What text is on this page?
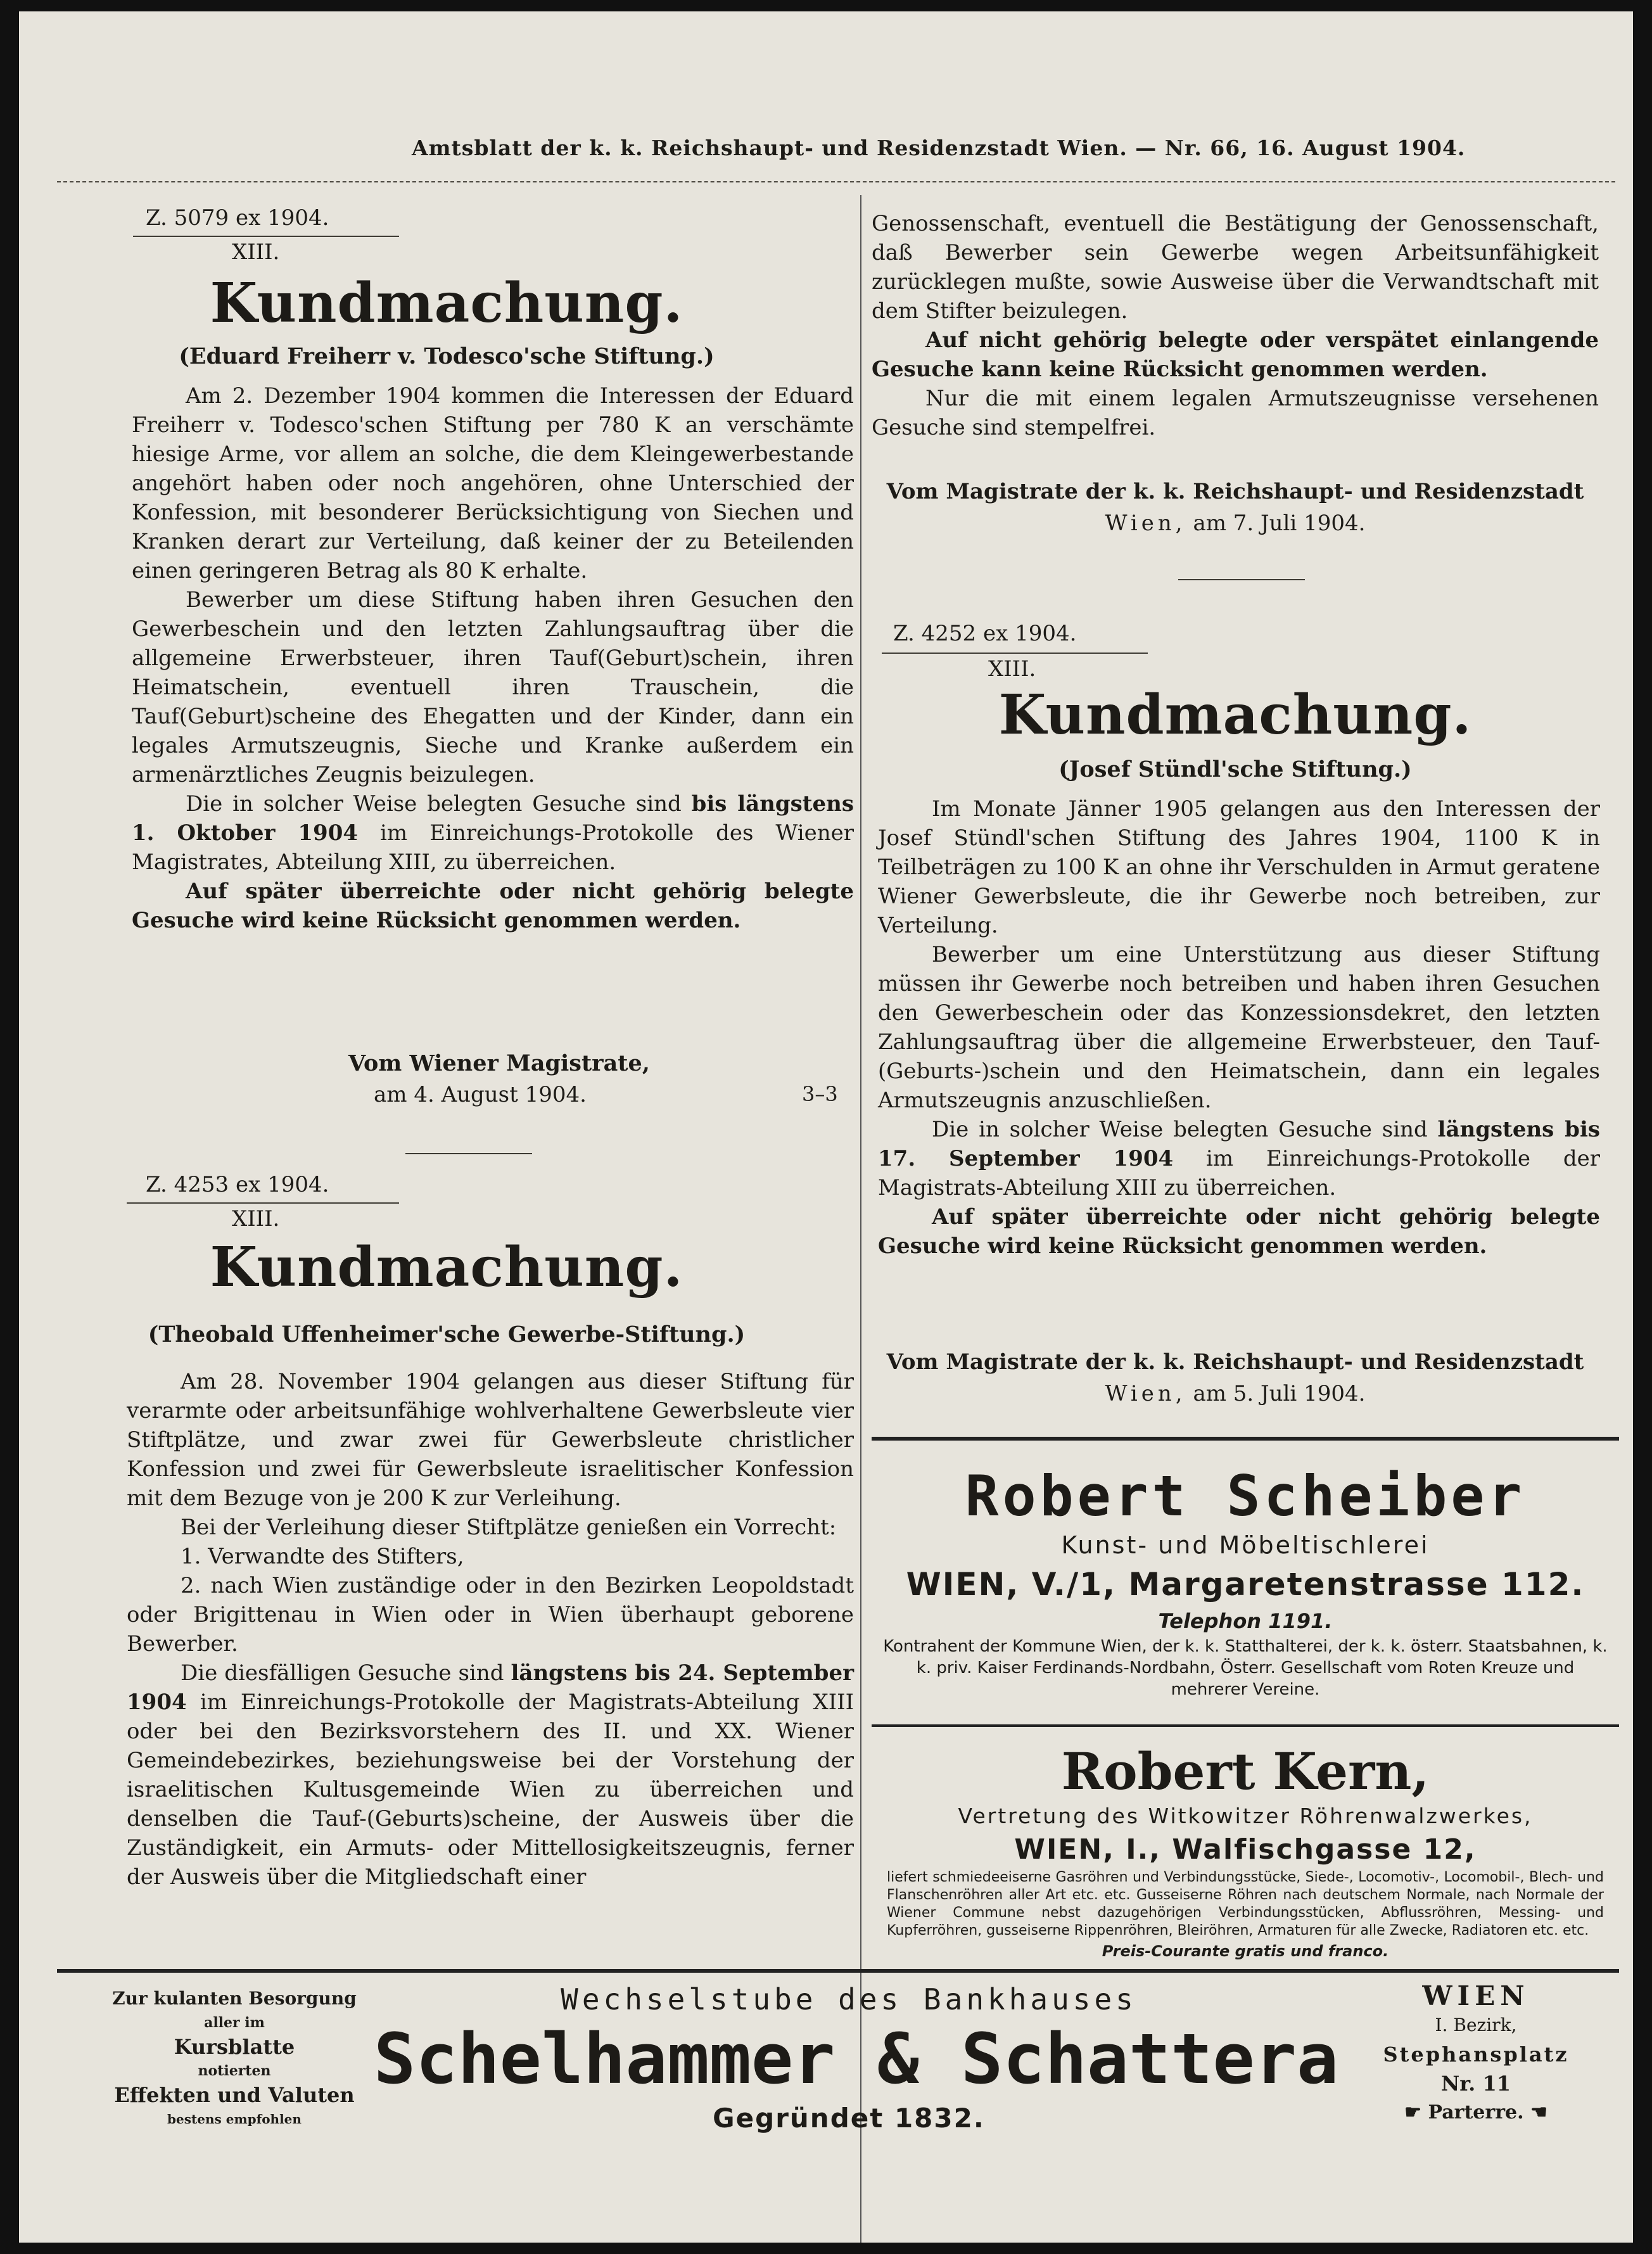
Amtsblatt der k. k. Reichshaupt- und Residenzstadt Wien. — Nr. 66, 16. August 1904.
Z. 5079 ex 1904.
XIII.
Kundmachung.
(Eduard Freiherr v. Todesco'sche Stiftung.)

Am 2. Dezember 1904 kommen die Interessen der Eduard Freiherr v. Todesco'schen Stiftung per 780 K an verschämte hiesige Arme, vor allem an solche, die dem Kleingewerbestande angehört haben oder noch angehören, ohne Unterschied der Konfession, mit besonderer Berücksichtigung von Siechen und Kranken derart zur Verteilung, daß keiner der zu Beteilenden einen geringeren Betrag als 80 K erhalte.

Bewerber um diese Stiftung haben ihren Gesuchen den Gewerbeschein und den letzten Zahlungsauftrag über die allgemeine Erwerbsteuer, ihren Tauf(Geburt)schein, ihren Heimatschein, eventuell ihren Trauschein, die Tauf(Geburt)scheine des Ehegatten und der Kinder, dann ein legales Armutszeugnis, Sieche und Kranke außerdem ein armenärztliches Zeugnis beizulegen.

Die in solcher Weise belegten Gesuche sind bis längstens 1. Oktober 1904 im Einreichungs-Protokolle des Wiener Magistrates, Abteilung XIII, zu überreichen.

Auf später überreichte oder nicht gehörig belegte Gesuche wird keine Rücksicht genommen werden.

Vom Wiener Magistrate,
am 4. August 1904.	3–3
Z. 4253 ex 1904.
XIII.
Kundmachung.
(Theobald Uffenheimer'sche Gewerbe-Stiftung.)

Am 28. November 1904 gelangen aus dieser Stiftung für verarmte oder arbeitsunfähige wohlverhaltene Gewerbsleute vier Stiftplätze, und zwar zwei für Gewerbsleute christlicher Konfession und zwei für Gewerbsleute israelitischer Konfession mit dem Bezuge von je 200 K zur Verleihung.

Bei der Verleihung dieser Stiftplätze genießen ein Vorrecht:

1. Verwandte des Stifters,

2. nach Wien zuständige oder in den Bezirken Leopoldstadt oder Brigittenau in Wien oder in Wien überhaupt geborene Bewerber.

Die diesfälligen Gesuche sind längstens bis 24. September 1904 im Einreichungs-Protokolle der Magistrats-Abteilung XIII oder bei den Bezirksvorstehern des II. und XX. Wiener Gemeindebezirkes, beziehungsweise bei der Vorstehung der israelitischen Kultusgemeinde Wien zu überreichen und denselben die Tauf-(Geburts)scheine, der Ausweis über die Zuständigkeit, ein Armuts- oder Mittellosigkeitszeugnis, ferner der Ausweis über die Mitgliedschaft einer

Genossenschaft, eventuell die Bestätigung der Genossenschaft, daß Bewerber sein Gewerbe wegen Arbeitsunfähigkeit zurücklegen mußte, sowie Ausweise über die Verwandtschaft mit dem Stifter beizulegen.

Auf nicht gehörig belegte oder verspätet einlangende Gesuche kann keine Rücksicht genommen werden.

Nur die mit einem legalen Armutszeugnisse versehenen Gesuche sind stempelfrei.

Vom Magistrate der k. k. Reichshaupt- und Residenzstadt
Wien, am 7. Juli 1904.
Z. 4252 ex 1904.
XIII.
Kundmachung.
(Josef Stündl'sche Stiftung.)

Im Monate Jänner 1905 gelangen aus den Interessen der Josef Stündl'schen Stiftung des Jahres 1904, 1100 K in Teilbeträgen zu 100 K an ohne ihr Verschulden in Armut geratene Wiener Gewerbsleute, die ihr Gewerbe noch betreiben, zur Verteilung.

Bewerber um eine Unterstützung aus dieser Stiftung müssen ihr Gewerbe noch betreiben und haben ihren Gesuchen den Gewerbeschein oder das Konzessionsdekret, den letzten Zahlungsauftrag über die allgemeine Erwerbsteuer, den Tauf-(Geburts-)schein und den Heimatschein, dann ein legales Armutszeugnis anzuschließen.

Die in solcher Weise belegten Gesuche sind längstens bis 17. September 1904 im Einreichungs-Protokolle der Magistrats-Abteilung XIII zu überreichen.

Auf später überreichte oder nicht gehörig belegte Gesuche wird keine Rücksicht genommen werden.

Vom Magistrate der k. k. Reichshaupt- und Residenzstadt
Wien, am 5. Juli 1904.
Robert Scheiber
Kunst- und Möbeltischlerei
WIEN, V./1, Margaretenstrasse 112.
Telephon 1191.
Kontrahent der Kommune Wien, der k. k. Statthalterei, der k. k. österr. Staatsbahnen, k. k. priv. Kaiser Ferdinands-Nordbahn, Österr. Gesellschaft vom Roten Kreuze und mehrerer Vereine.
Robert Kern,
Vertretung des Witkowitzer Röhrenwalzwerkes,
WIEN, I., Walfischgasse 12,
liefert schmiedeeiserne Gasröhren und Verbindungsstücke, Siede-, Locomotiv-, Locomobil-, Blech- und Flanschenröhren aller Art etc. etc. Gusseiserne Röhren nach deutschem Normale, nach Normale der Wiener Commune nebst dazugehörigen Verbindungsstücken, Abflussröhren, Messing- und Kupferröhren, gusseiserne Rippenröhren, Bleiröhren, Armaturen für alle Zwecke, Radiatoren etc. etc.
Preis-Courante gratis und franco.
Zur kulanten Besorgung
aller im
Kursblatte
notierten
Effekten und Valuten
bestens empfohlen
Wechselstube des Bankhauses
Schelhammer & Schattera
Gegründet 1832.
WIEN
I. Bezirk,
Stephansplatz
Nr. 11
☛ Parterre. ☚
